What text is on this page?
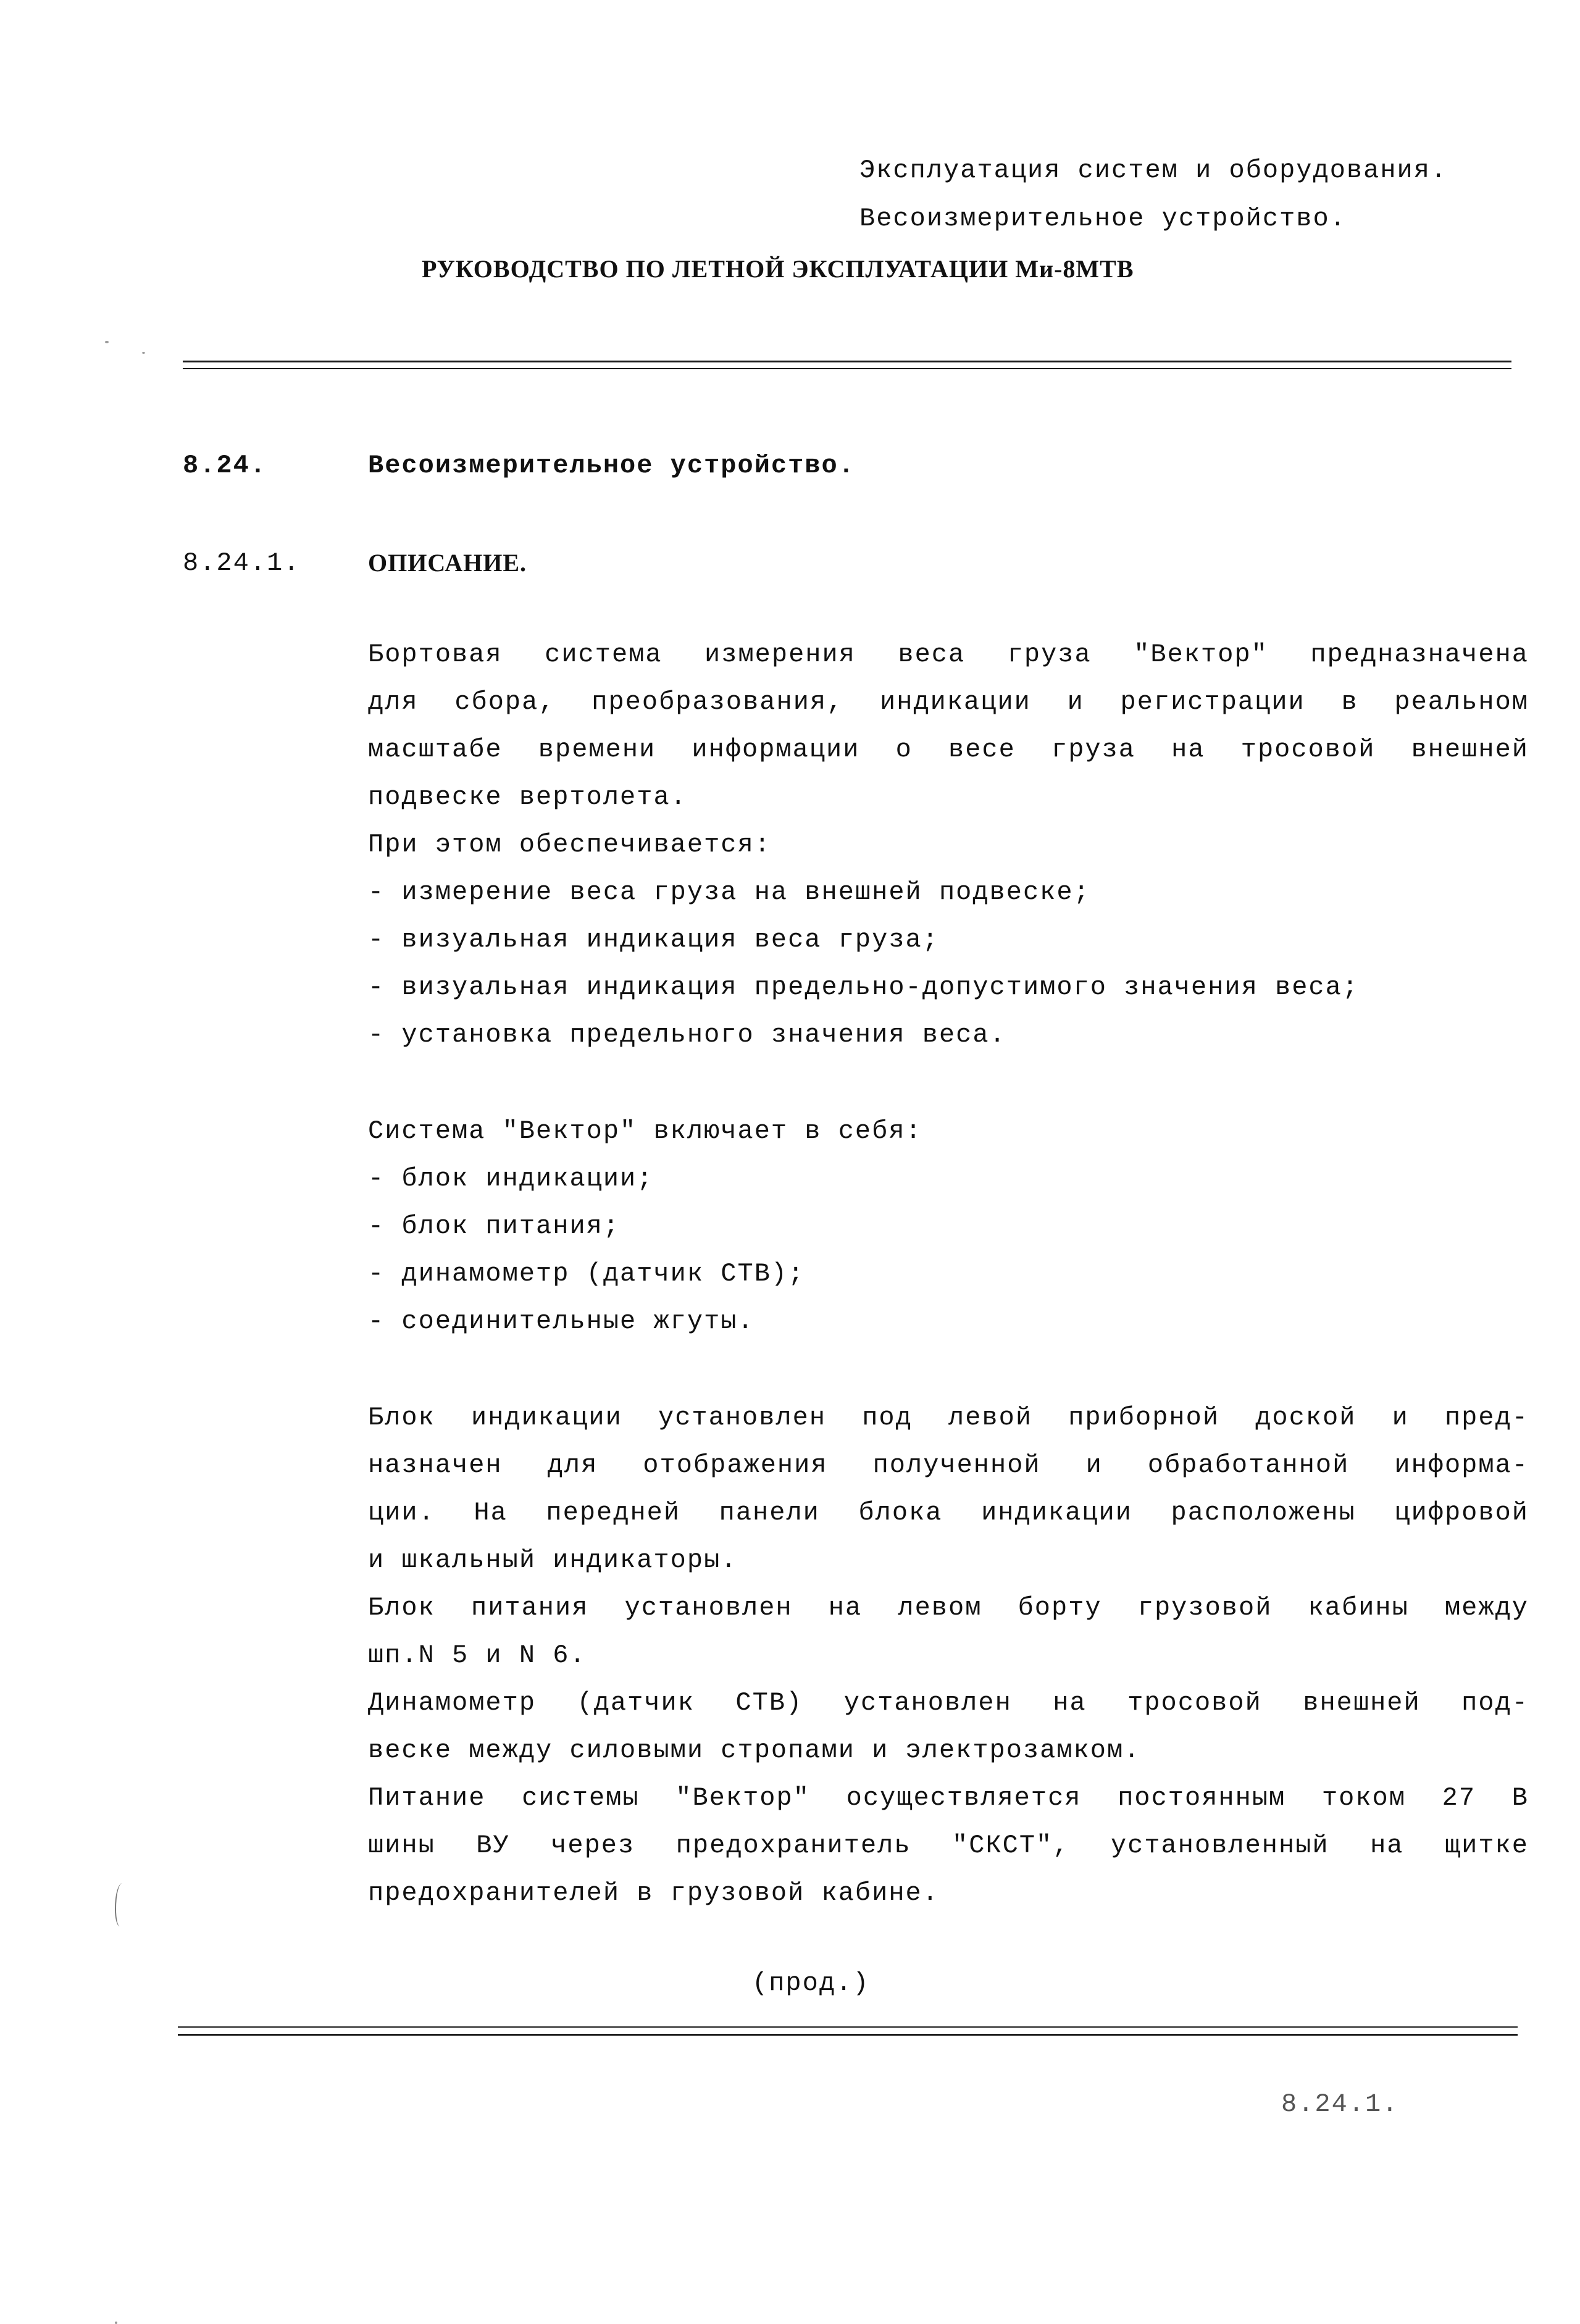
Эксплуатация систем и оборудования.
Весоизмерительное устройство.
РУКОВОДСТВО ПО ЛЕТНОЙ ЭКСПЛУАТАЦИИ Ми-8МТВ
8.24.	Весоизмерительное устройство.
8.24.1.	ОПИСАНИЕ.
Бортовая система измерения веса груза "Вектор" предназначена
для сбора, преобразования, индикации и регистрации в реальном
масштабе времени информации о весе груза на тросовой внешней
подвеске вертолета.
При этом обеспечивается:
- измерение веса груза на внешней подвеске;
- визуальная индикация веса груза;
- визуальная индикация предельно-допустимого значения веса;
- установка предельного значения веса.
Система "Вектор" включает в себя:
- блок индикации;
- блок питания;
- динамометр (датчик СТВ);
- соединительные жгуты.
Блок индикации установлен под левой приборной доской и пред-
назначен для отображения полученной и обработанной информа-
ции. На передней панели блока индикации расположены цифровой
и шкальный индикаторы.
Блок питания установлен на левом борту грузовой кабины между
шп.N 5 и N 6.
Динамометр (датчик СТВ) установлен на тросовой внешней под-
веске между силовыми стропами и электрозамком.
Питание системы "Вектор" осуществляется постоянным током 27 В
шины ВУ через предохранитель "СКСТ", установленный на щитке
предохранителей в грузовой кабине.
(прод.)
8.24.1.
